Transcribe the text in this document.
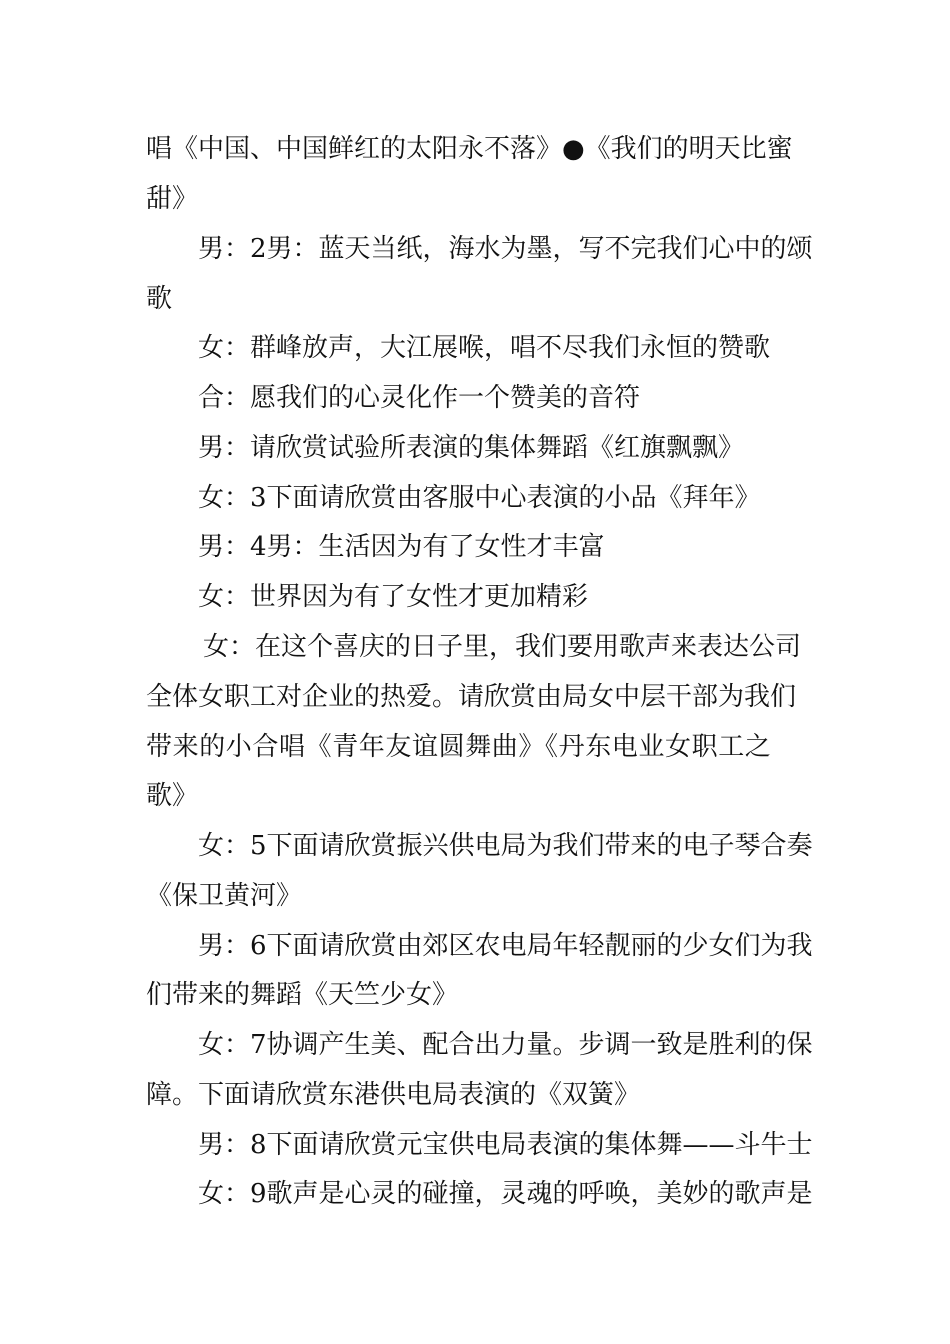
唱《中国、中国鲜红的太阳永不落》●《我们的明天比蜜
甜》
男：2男：蓝天当纸，海水为墨，写不完我们心中的颂
歌
女：群峰放声，大江展喉，唱不尽我们永恒的赞歌
合：愿我们的心灵化作一个赞美的音符
男：请欣赏试验所表演的集体舞蹈《红旗飘飘》
女：3下面请欣赏由客服中心表演的小品《拜年》
男：4男：生活因为有了女性才丰富
女：世界因为有了女性才更加精彩
女：在这个喜庆的日子里，我们要用歌声来表达公司
全体女职工对企业的热爱。请欣赏由局女中层干部为我们
带来的小合唱《青年友谊圆舞曲》《丹东电业女职工之
歌》
女：5下面请欣赏振兴供电局为我们带来的电子琴合奏
《保卫黄河》
男：6下面请欣赏由郊区农电局年轻靓丽的少女们为我
们带来的舞蹈《天竺少女》
女：7协调产生美、配合出力量。步调一致是胜利的保
障。下面请欣赏东港供电局表演的《双簧》
男：8下面请欣赏元宝供电局表演的集体舞——斗牛士
女：9歌声是心灵的碰撞，灵魂的呼唤，美妙的歌声是
